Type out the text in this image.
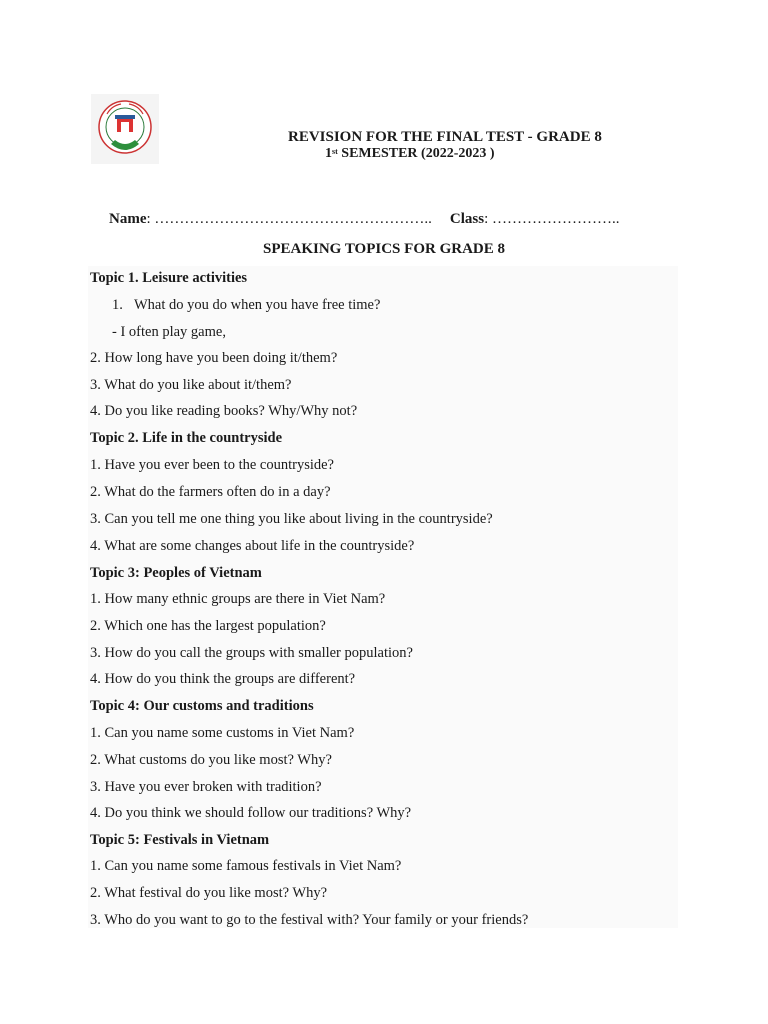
REVISION FOR THE FINAL TEST - GRADE 8
1st SEMESTER (2022-2023 )
Name: ……………………………………………….. Class: ……………………..
SPEAKING TOPICS FOR GRADE 8
Topic 1. Leisure activities
1. What do you do when you have free time?
- I often play game,
2. How long have you been doing it/them?
3. What do you like about it/them?
4. Do you like reading books? Why/Why not?
Topic 2. Life in the countryside
1. Have you ever been to the countryside?
2. What do the farmers often do in a day?
3. Can you tell me one thing you like about living in the countryside?
4. What are some changes about life in the countryside?
Topic 3: Peoples of Vietnam
1. How many ethnic groups are there in Viet Nam?
2. Which one has the largest population?
3. How do you call the groups with smaller population?
4. How do you think the groups are different?
Topic 4: Our customs and traditions
1. Can you name some customs in Viet Nam?
2. What customs do you like most? Why?
3. Have you ever broken with tradition?
4. Do you think we should follow our traditions? Why?
Topic 5: Festivals in Vietnam
1. Can you name some famous festivals in Viet Nam?
2. What festival do you like most? Why?
3. Who do you want to go to the festival with? Your family or your friends?
